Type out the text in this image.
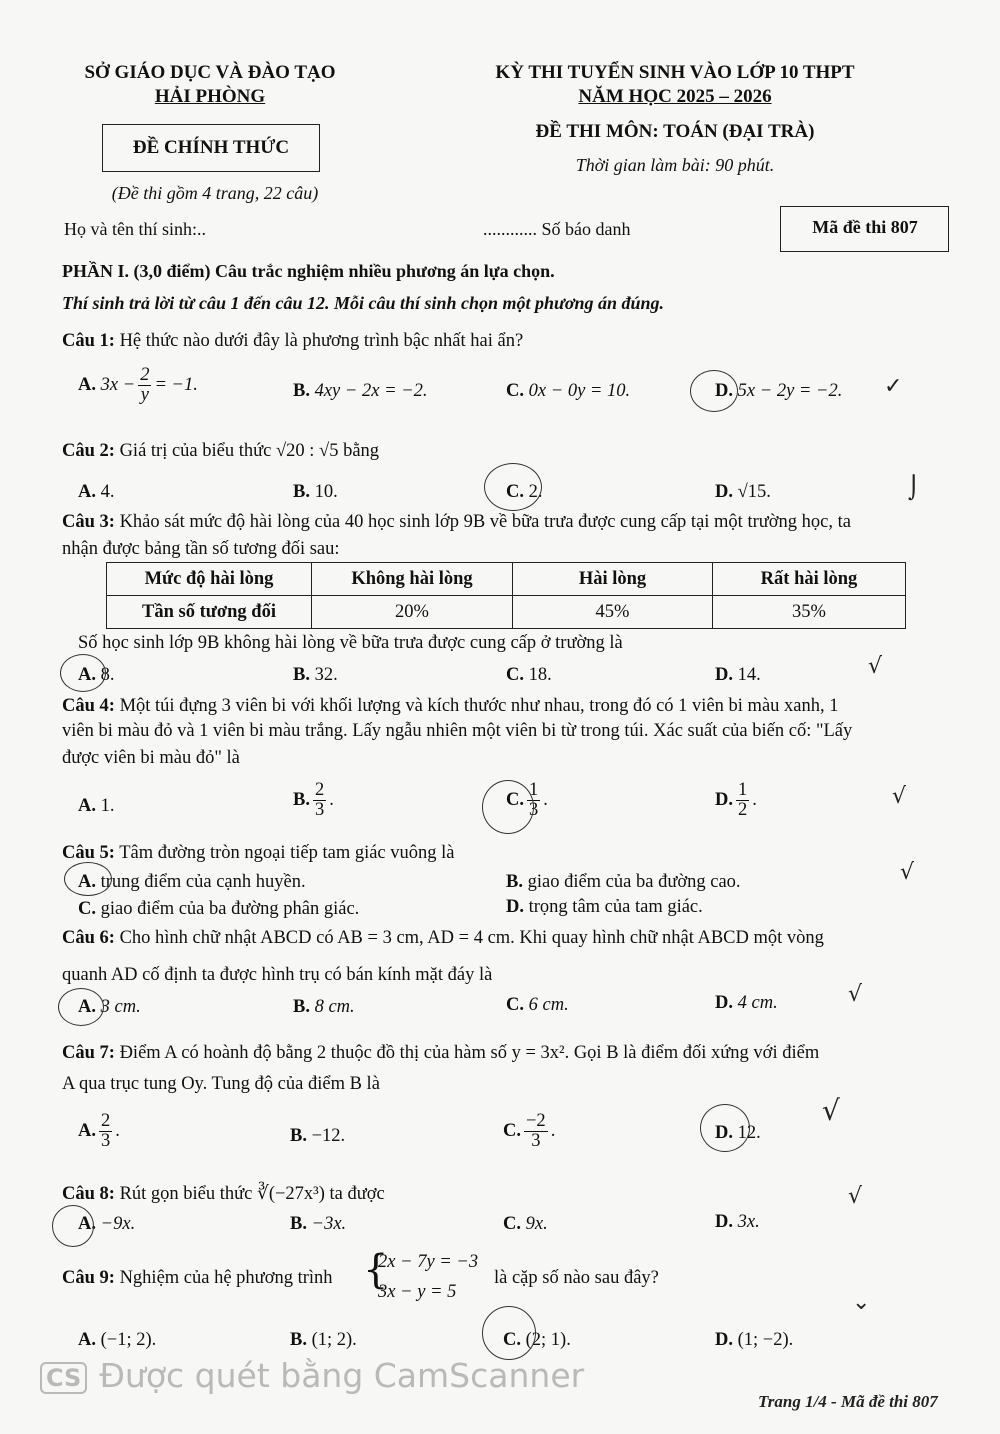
SỞ GIÁO DỤC VÀ ĐÀO TẠO
HẢI PHÒNG
ĐỀ CHÍNH THỨC
(Đề thi gồm 4 trang, 22 câu)
KỲ THI TUYỂN SINH VÀO LỚP 10 THPT
NĂM HỌC 2025 – 2026
ĐỀ THI MÔN: TOÁN (ĐẠI TRÀ)
Thời gian làm bài: 90 phút.
Họ và tên thí sinh:..	............ Số báo danh	Mã đề thi 807
PHẦN I. (3,0 điểm) Câu trắc nghiệm nhiều phương án lựa chọn.
Thí sinh trả lời từ câu 1 đến câu 12. Mỗi câu thí sinh chọn một phương án đúng.
Câu 1: Hệ thức nào dưới đây là phương trình bậc nhất hai ẩn?
A. $3x - \frac{2}{y} = -1$.	B. 4xy − 2x = −2.	C. 0x − 0y = 10.	D. 5x − 2y = −2.
Câu 2: Giá trị của biểu thức √20 : √5 bằng
A. 4.	B. 10.	C. 2.	D. √15.
Câu 3: Khảo sát mức độ hài lòng của 40 học sinh lớp 9B về bữa trưa được cung cấp tại một trường học, ta
nhận được bảng tần số tương đối sau:
Mức độ hài lòng	Không hài lòng	Hài lòng	Rất hài lòng
Tần số tương đối	20%	45%	35%
Số học sinh lớp 9B không hài lòng về bữa trưa được cung cấp ở trường là
A. 8.	B. 32.	C. 18.	D. 14.
Câu 4: Một túi đựng 3 viên bi với khối lượng và kích thước như nhau, trong đó có 1 viên bi màu xanh, 1
viên bi màu đỏ và 1 viên bi màu trắng. Lấy ngẫu nhiên một viên bi từ trong túi. Xác suất của biến cố: "Lấy
được viên bi màu đỏ" là
A. 1.	B. $\frac{2}{3}$ .	C. $\frac{1}{3}$ .	D. $\frac{1}{2}$ .
Câu 5: Tâm đường tròn ngoại tiếp tam giác vuông là
A. trung điểm của cạnh huyền.	B. giao điểm của ba đường cao.
C. giao điểm của ba đường phân giác.	D. trọng tâm của tam giác.
Câu 6: Cho hình chữ nhật ABCD có AB = 3 cm, AD = 4 cm. Khi quay hình chữ nhật ABCD một vòng
quanh AD cố định ta được hình trụ có bán kính mặt đáy là
A. 3 cm.	B. 8 cm.	C. 6 cm.	D. 4 cm.
Câu 7: Điểm A có hoành độ bằng 2 thuộc đồ thị của hàm số y = 3x². Gọi B là điểm đối xứng với điểm
A qua trục tung Oy. Tung độ của điểm B là
A. $\frac{2}{3}$ .	B. −12.	C. $\frac{-2}{3}$ .	D. 12.
Câu 8: Rút gọn biểu thức ∛(−27x³) ta được
A. −9x.	B. −3x.	C. 9x.	D. 3x.
Câu 9: Nghiệm của hệ phương trình {
2x − 7y = −3
3x − y = 5
là cặp số nào sau đây?
A. (−1; 2).	B. (1; 2).	C. (2; 1).	D. (1; −2).
✓
⌡
√
√
√
√
√
√
⌄
Trang 1/4 - Mã đề thi 807
CS Được quét bằng CamScanner
